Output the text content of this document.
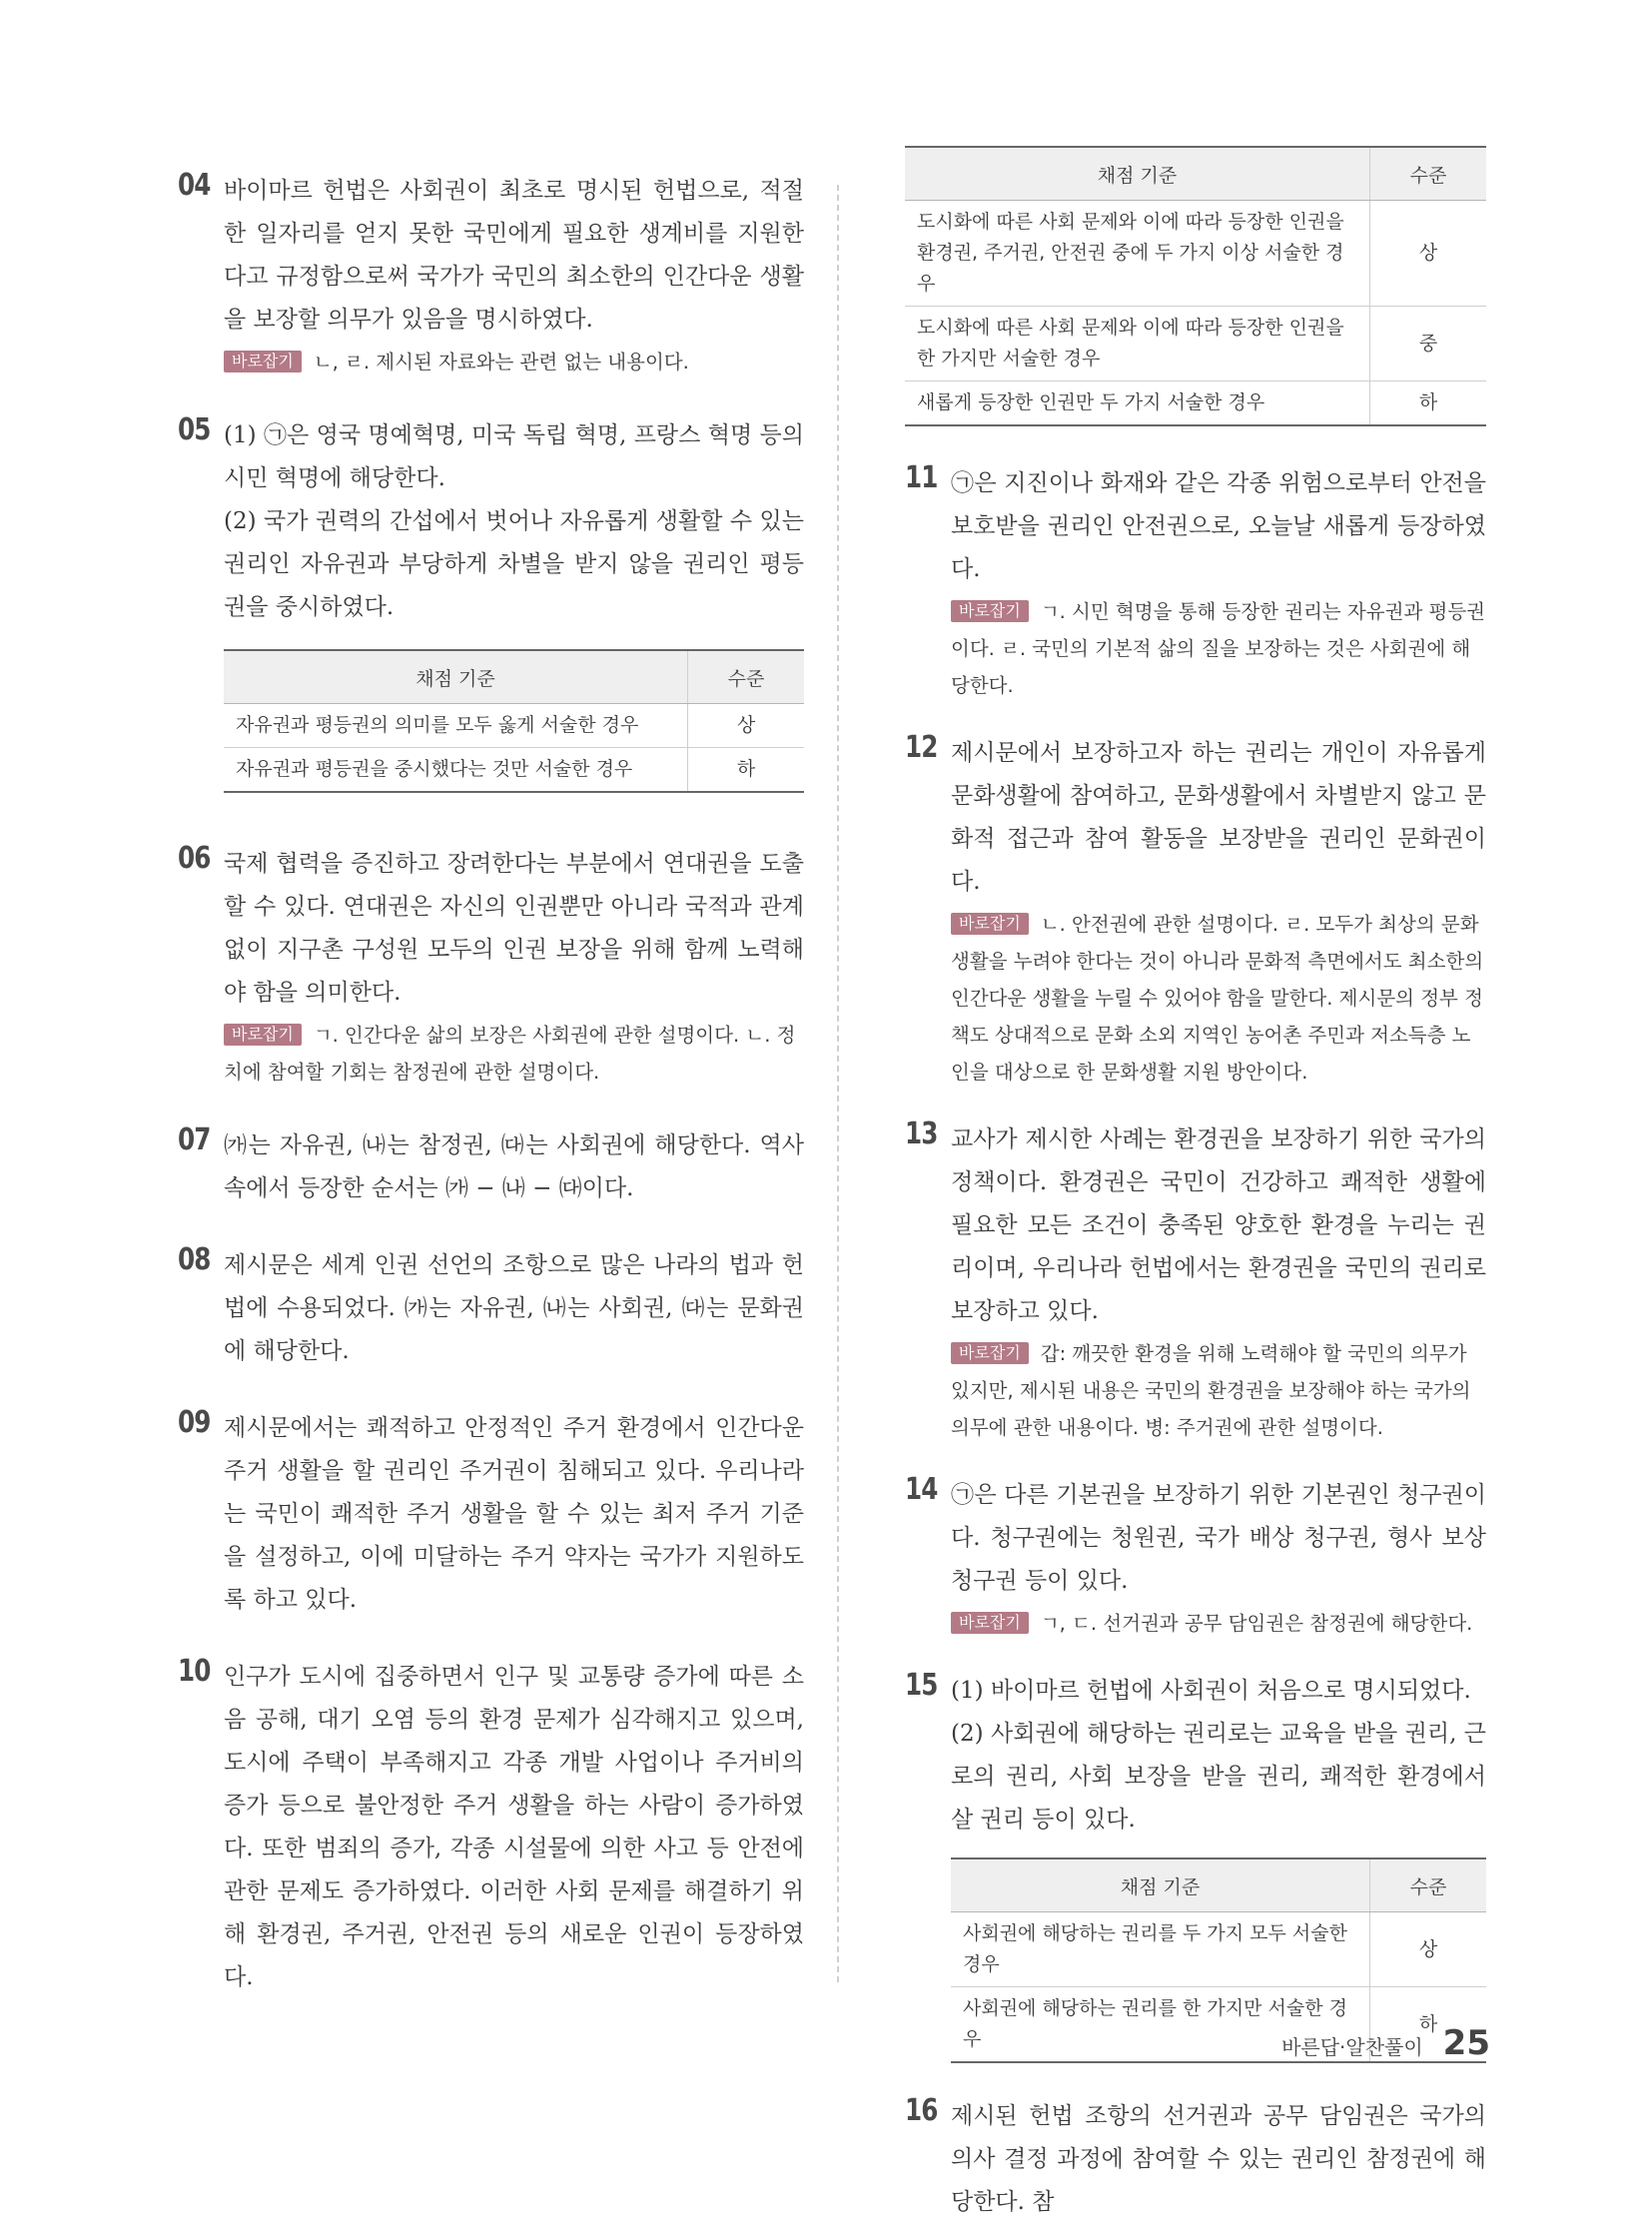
04 바이마르 헌법은 사회권이 최초로 명시된 헌법으로, 적절한 일자리를 얻지 못한 국민에게 필요한 생계비를 지원한다고 규정함으로써 국가가 국민의 최소한의 인간다운 생활을 보장할 의무가 있음을 명시하였다.

바로잡기 ㄴ, ㄹ. 제시된 자료와는 관련 없는 내용이다.

05 (1) ㉠은 영국 명예혁명, 미국 독립 혁명, 프랑스 혁명 등의 시민 혁명에 해당한다.

(2) 국가 권력의 간섭에서 벗어나 자유롭게 생활할 수 있는 권리인 자유권과 부당하게 차별을 받지 않을 권리인 평등권을 중시하였다.

채점 기준	수준
자유권과 평등권의 의미를 모두 옳게 서술한 경우	상
자유권과 평등권을 중시했다는 것만 서술한 경우	하
06 국제 협력을 증진하고 장려한다는 부분에서 연대권을 도출할 수 있다. 연대권은 자신의 인권뿐만 아니라 국적과 관계없이 지구촌 구성원 모두의 인권 보장을 위해 함께 노력해야 함을 의미한다.

바로잡기 ㄱ. 인간다운 삶의 보장은 사회권에 관한 설명이다. ㄴ. 정치에 참여할 기회는 참정권에 관한 설명이다.

07 ㈎는 자유권, ㈏는 참정권, ㈐는 사회권에 해당한다. 역사 속에서 등장한 순서는 ㈎ − ㈏ − ㈐이다.

08 제시문은 세계 인권 선언의 조항으로 많은 나라의 법과 헌법에 수용되었다. ㈎는 자유권, ㈏는 사회권, ㈐는 문화권에 해당한다.

09 제시문에서는 쾌적하고 안정적인 주거 환경에서 인간다운 주거 생활을 할 권리인 주거권이 침해되고 있다. 우리나라는 국민이 쾌적한 주거 생활을 할 수 있는 최저 주거 기준을 설정하고, 이에 미달하는 주거 약자는 국가가 지원하도록 하고 있다.

10 인구가 도시에 집중하면서 인구 및 교통량 증가에 따른 소음 공해, 대기 오염 등의 환경 문제가 심각해지고 있으며, 도시에 주택이 부족해지고 각종 개발 사업이나 주거비의 증가 등으로 불안정한 주거 생활을 하는 사람이 증가하였다. 또한 범죄의 증가, 각종 시설물에 의한 사고 등 안전에 관한 문제도 증가하였다. 이러한 사회 문제를 해결하기 위해 환경권, 주거권, 안전권 등의 새로운 인권이 등장하였다.

채점 기준	수준
도시화에 따른 사회 문제와 이에 따라 등장한 인권을 환경권, 주거권, 안전권 중에 두 가지 이상 서술한 경우	상
도시화에 따른 사회 문제와 이에 따라 등장한 인권을 한 가지만 서술한 경우	중
새롭게 등장한 인권만 두 가지 서술한 경우	하
11 ㉠은 지진이나 화재와 같은 각종 위험으로부터 안전을 보호받을 권리인 안전권으로, 오늘날 새롭게 등장하였다.

바로잡기 ㄱ. 시민 혁명을 통해 등장한 권리는 자유권과 평등권이다. ㄹ. 국민의 기본적 삶의 질을 보장하는 것은 사회권에 해당한다.

12 제시문에서 보장하고자 하는 권리는 개인이 자유롭게 문화생활에 참여하고, 문화생활에서 차별받지 않고 문화적 접근과 참여 활동을 보장받을 권리인 문화권이다.

바로잡기 ㄴ. 안전권에 관한 설명이다. ㄹ. 모두가 최상의 문화생활을 누려야 한다는 것이 아니라 문화적 측면에서도 최소한의 인간다운 생활을 누릴 수 있어야 함을 말한다. 제시문의 정부 정책도 상대적으로 문화 소외 지역인 농어촌 주민과 저소득층 노인을 대상으로 한 문화생활 지원 방안이다.

13 교사가 제시한 사례는 환경권을 보장하기 위한 국가의 정책이다. 환경권은 국민이 건강하고 쾌적한 생활에 필요한 모든 조건이 충족된 양호한 환경을 누리는 권리이며, 우리나라 헌법에서는 환경권을 국민의 권리로 보장하고 있다.

바로잡기 갑: 깨끗한 환경을 위해 노력해야 할 국민의 의무가 있지만, 제시된 내용은 국민의 환경권을 보장해야 하는 국가의 의무에 관한 내용이다. 병: 주거권에 관한 설명이다.

14 ㉠은 다른 기본권을 보장하기 위한 기본권인 청구권이다. 청구권에는 청원권, 국가 배상 청구권, 형사 보상 청구권 등이 있다.

바로잡기 ㄱ, ㄷ. 선거권과 공무 담임권은 참정권에 해당한다.

15 (1) 바이마르 헌법에 사회권이 처음으로 명시되었다.

(2) 사회권에 해당하는 권리로는 교육을 받을 권리, 근로의 권리, 사회 보장을 받을 권리, 쾌적한 환경에서 살 권리 등이 있다.

채점 기준	수준
사회권에 해당하는 권리를 두 가지 모두 서술한 경우	상
사회권에 해당하는 권리를 한 가지만 서술한 경우	하
16 제시된 헌법 조항의 선거권과 공무 담임권은 국가의 의사 결정 과정에 참여할 수 있는 권리인 참정권에 해당한다. 참

바른답·알찬풀이 25
